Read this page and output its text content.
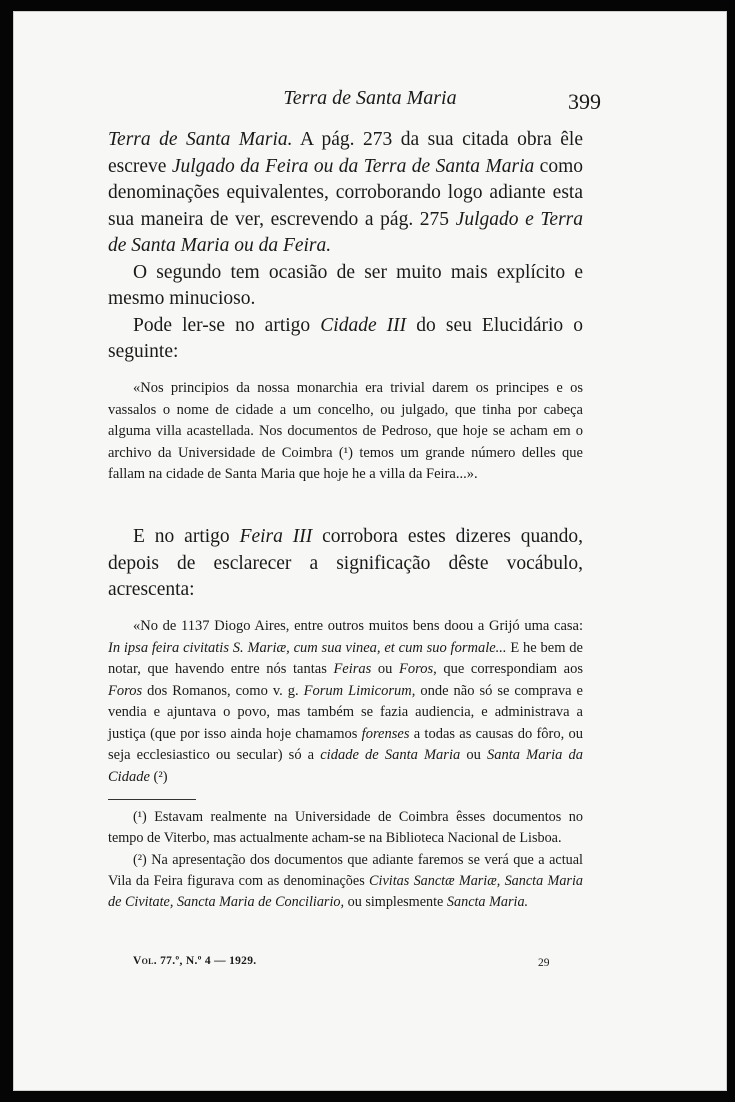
Terra de Santa Maria	399

Terra de Santa Maria. A pág. 273 da sua citada obra êle escreve Julgado da Feira ou da Terra de Santa Maria como denominações equivalentes, corroborando logo adiante esta sua maneira de ver, escrevendo a pág. 275 Julgado e Terra de Santa Maria ou da Feira.

O segundo tem ocasião de ser muito mais explícito e mesmo minucioso.

Pode ler-se no artigo Cidade III do seu Elucidário o seguinte:

«Nos principios da nossa monarchia era trivial darem os principes e os vassalos o nome de cidade a um concelho, ou julgado, que tinha por cabeça alguma villa acastellada. Nos documentos de Pedroso, que hoje se acham em o archivo da Universidade de Coimbra (¹) temos um grande número delles que fallam na cidade de Santa Maria que hoje he a villa da Feira...».

E no artigo Feira III corrobora estes dizeres quando, depois de esclarecer a significação dêste vocábulo, acrescenta:

«No de 1137 Diogo Aires, entre outros muitos bens doou a Grijó uma casa: In ipsa feira civitatis S. Mariæ, cum sua vinea, et cum suo formale... E he bem de notar, que havendo entre nós tantas Feiras ou Foros, que correspondiam aos Foros dos Romanos, como v. g. Forum Limicorum, onde não só se comprava e vendia e ajuntava o povo, mas também se fazia audiencia, e administrava a justiça (que por isso ainda hoje chamamos forenses a todas as causas do fôro, ou seja ecclesiastico ou secular) só a cidade de Santa Maria ou Santa Maria da Cidade (²)

(¹) Estavam realmente na Universidade de Coimbra êsses documentos no tempo de Viterbo, mas actualmente acham-se na Biblioteca Nacional de Lisboa.

(²) Na apresentação dos documentos que adiante faremos se verá que a actual Vila da Feira figurava com as denominações Civitas Sanctæ Mariæ, Sancta Maria de Civitate, Sancta Maria de Conciliario, ou simplesmente Sancta Maria.

Vol. 77.º, N.º 4 — 1929.	29
